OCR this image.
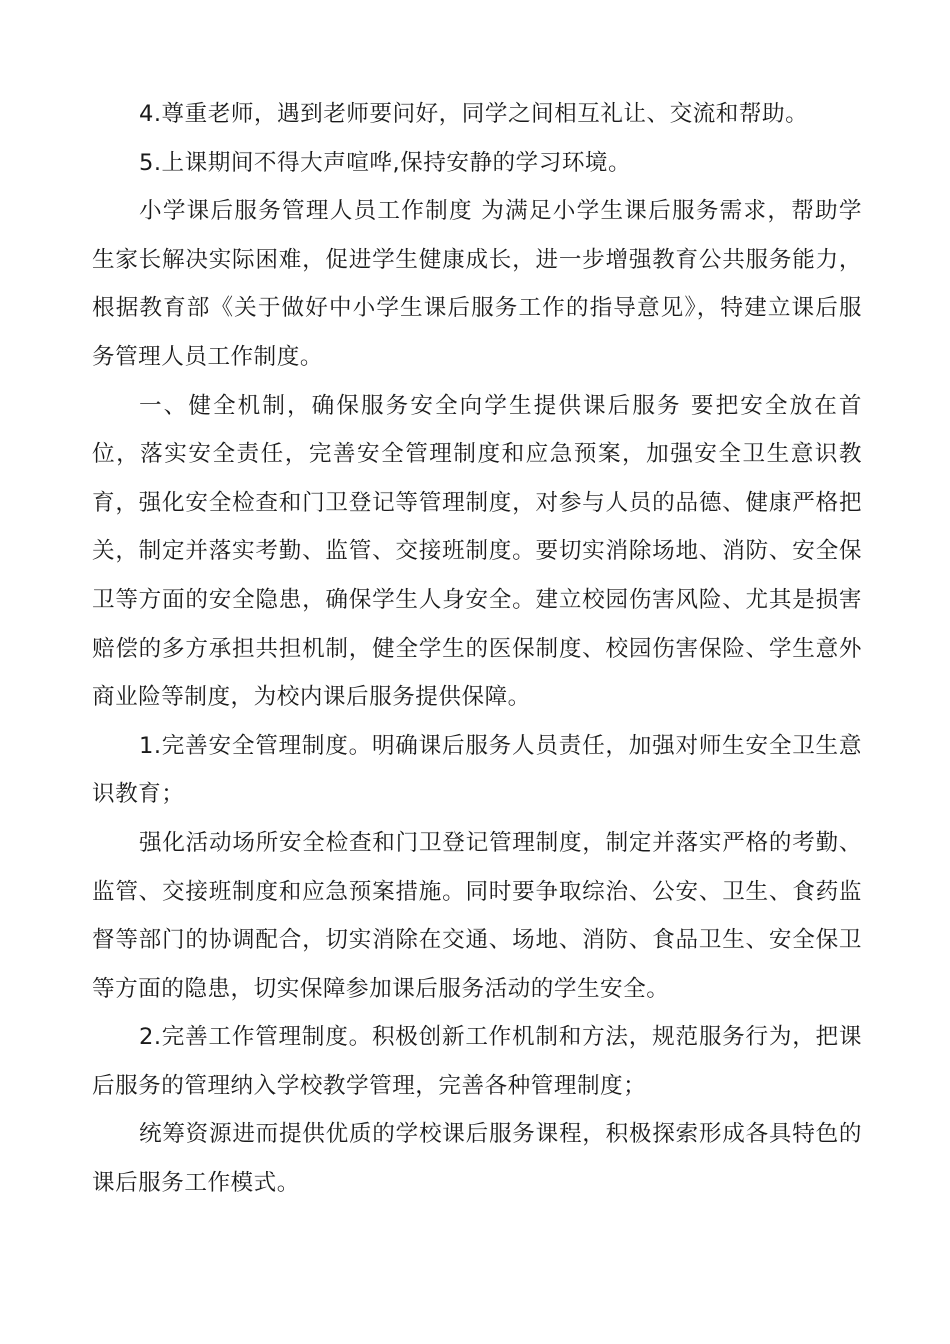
4.尊重老师，遇到老师要问好，同学之间相互礼让、交流和帮助。

5.上课期间不得大声喧哗,保持安静的学习环境。

小学课后服务管理人员工作制度 为满足小学生课后服务需求，帮助学生家长解决实际困难，促进学生健康成长，进一步增强教育公共服务能力，根据教育部《关于做好中小学生课后服务工作的指导意见》，特建立课后服务管理人员工作制度。

一、健全机制，确保服务安全向学生提供课后服务 要把安全放在首位，落实安全责任，完善安全管理制度和应急预案，加强安全卫生意识教育，强化安全检查和门卫登记等管理制度，对参与人员的品德、健康严格把关，制定并落实考勤、监管、交接班制度。要切实消除场地、消防、安全保卫等方面的安全隐患，确保学生人身安全。建立校园伤害风险、尤其是损害赔偿的多方承担共担机制，健全学生的医保制度、校园伤害保险、学生意外商业险等制度，为校内课后服务提供保障。

1.完善安全管理制度。明确课后服务人员责任，加强对师生安全卫生意识教育；

强化活动场所安全检查和门卫登记管理制度，制定并落实严格的考勤、监管、交接班制度和应急预案措施。同时要争取综治、公安、卫生、食药监督等部门的协调配合，切实消除在交通、场地、消防、食品卫生、安全保卫等方面的隐患，切实保障参加课后服务活动的学生安全。

2.完善工作管理制度。积极创新工作机制和方法，规范服务行为，把课后服务的管理纳入学校教学管理，完善各种管理制度；

统筹资源进而提供优质的学校课后服务课程，积极探索形成各具特色的课后服务工作模式。
